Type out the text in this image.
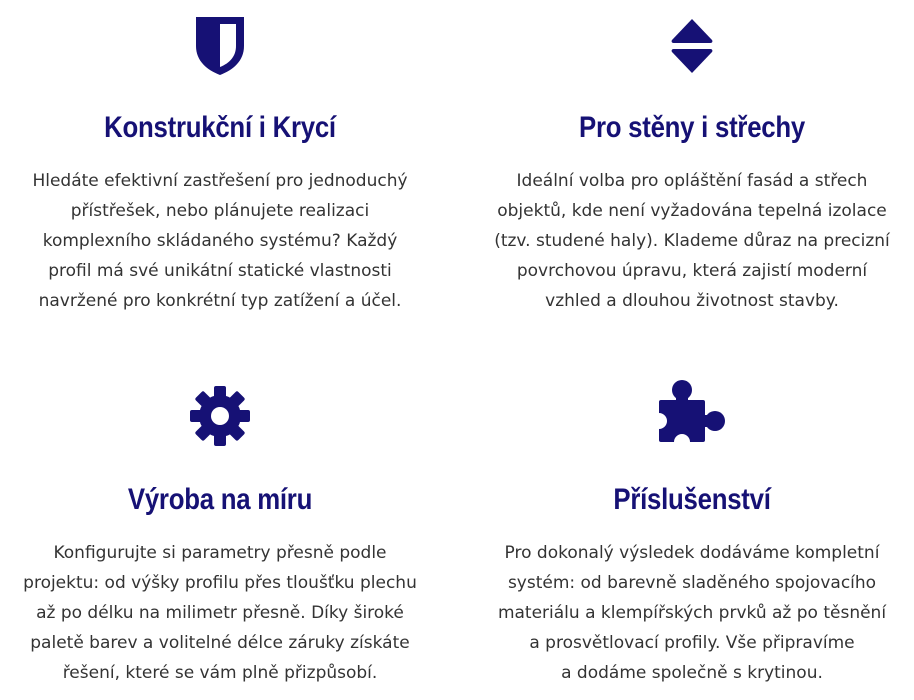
Konstrukční i Krycí
Hledáte efektivní zastřešení pro jednoduchý
přístřešek, nebo plánujete realizaci
komplexního skládaného systému? Každý
profil má své unikátní statické vlastnosti
navržené pro konkrétní typ zatížení a účel.
Pro stěny i střechy
Ideální volba pro opláštění fasád a střech
objektů, kde není vyžadována tepelná izolace
(tzv. studené haly). Klademe důraz na precizní
povrchovou úpravu, která zajistí moderní
vzhled a dlouhou životnost stavby.
Výroba na míru
Konfigurujte si parametry přesně podle
projektu: od výšky profilu přes tloušťku plechu
až po délku na milimetr přesně. Díky široké
paletě barev a volitelné délce záruky získáte
řešení, které se vám plně přizpůsobí.
Příslušenství
Pro dokonalý výsledek dodáváme kompletní
systém: od barevně sladěného spojovacího
materiálu a klempířských prvků až po těsnění
a prosvětlovací profily. Vše připravíme
a dodáme společně s krytinou.
